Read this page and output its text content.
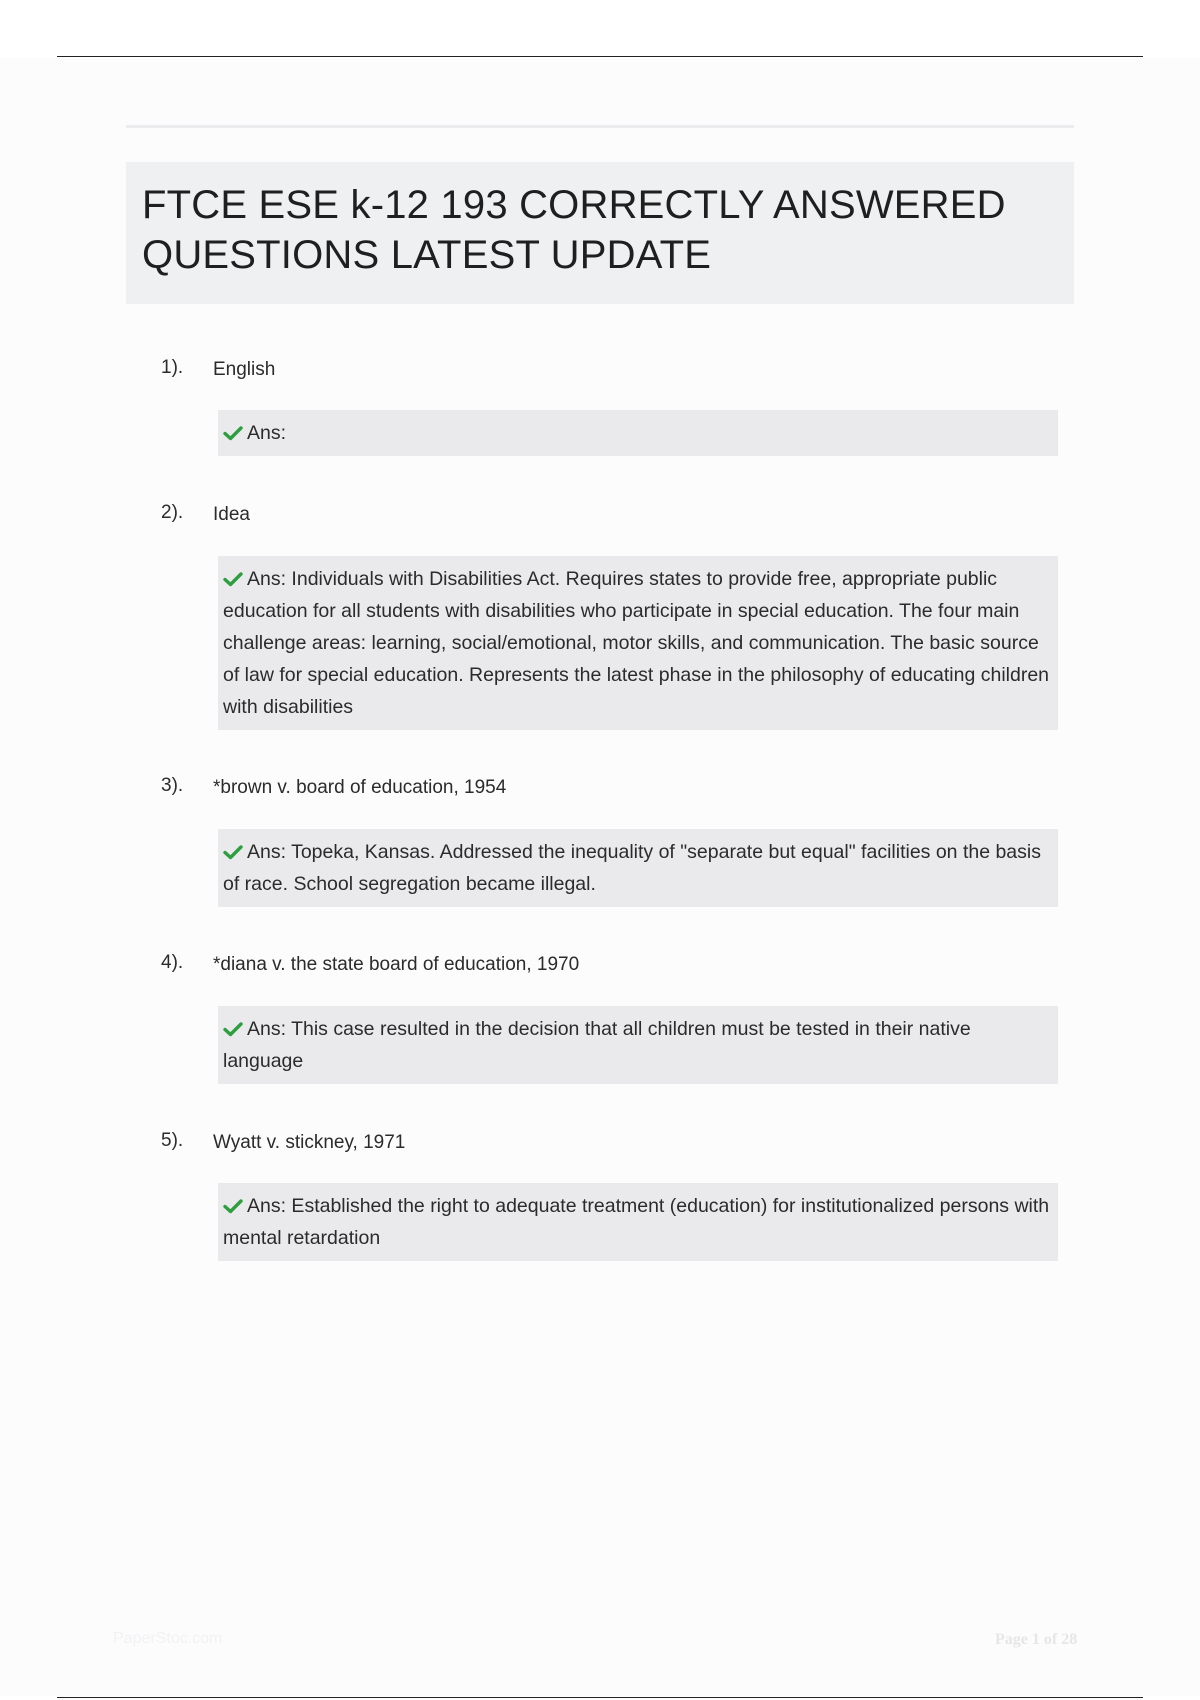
FTCE ESE k-12 193 CORRECTLY ANSWERED QUESTIONS LATEST UPDATE
1). English
Ans:
2). Idea
Ans: Individuals with Disabilities Act. Requires states to provide free, appropriate public education for all students with disabilities who participate in special education. The four main challenge areas: learning, social/emotional, motor skills, and communication. The basic source of law for special education. Represents the latest phase in the philosophy of educating children with disabilities
3). *brown v. board of education, 1954
Ans: Topeka, Kansas. Addressed the inequality of "separate but equal" facilities on the basis of race. School segregation became illegal.
4). *diana v. the state board of education, 1970
Ans: This case resulted in the decision that all children must be tested in their native language
5). Wyatt v. stickney, 1971
Ans: Established the right to adequate treatment (education) for institutionalized persons with mental retardation
PaperStoc.com	Page 1 of 28
